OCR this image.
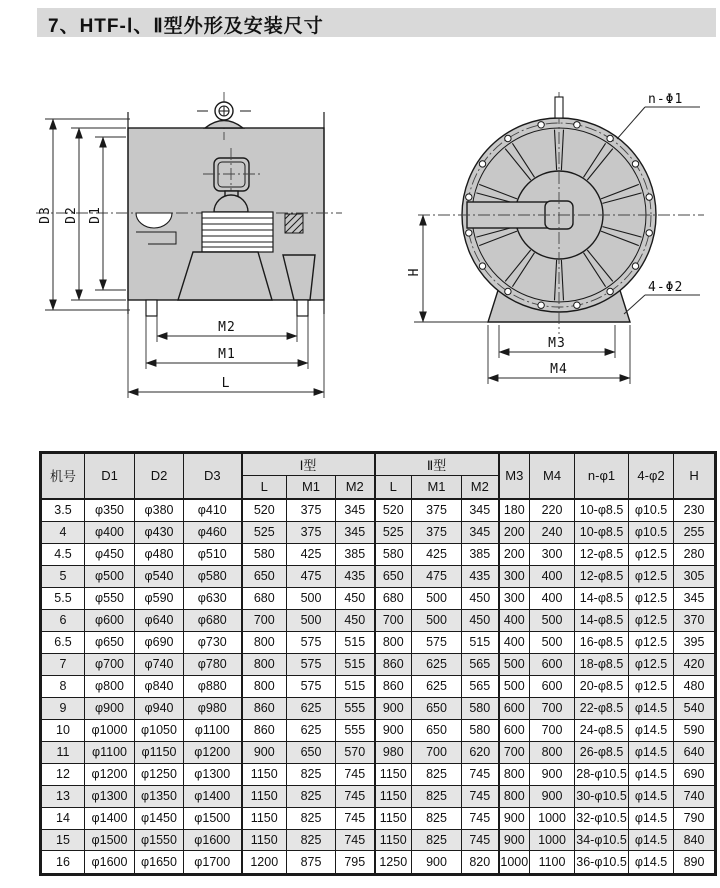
7、HTF-Ⅰ、Ⅱ型外形及安装尺寸
D3 D2 D1
M2
M1
L
n-Φ1
4-Φ2
H
M3
M4
机号	D1	D2	D3	Ⅰ型			Ⅱ型			M3	M4	n-φ1	4-φ2	H
				L	M1	M2	L	M1	M2					
3.5	φ350	φ380	φ410	520	375	345	520	375	345	180	220	10-φ8.5	φ10.5	230
4	φ400	φ430	φ460	525	375	345	525	375	345	200	240	10-φ8.5	φ10.5	255
4.5	φ450	φ480	φ510	580	425	385	580	425	385	200	300	12-φ8.5	φ12.5	280
5	φ500	φ540	φ580	650	475	435	650	475	435	300	400	12-φ8.5	φ12.5	305
5.5	φ550	φ590	φ630	680	500	450	680	500	450	300	400	14-φ8.5	φ12.5	345
6	φ600	φ640	φ680	700	500	450	700	500	450	400	500	14-φ8.5	φ12.5	370
6.5	φ650	φ690	φ730	800	575	515	800	575	515	400	500	16-φ8.5	φ12.5	395
7	φ700	φ740	φ780	800	575	515	860	625	565	500	600	18-φ8.5	φ12.5	420
8	φ800	φ840	φ880	800	575	515	860	625	565	500	600	20-φ8.5	φ12.5	480
9	φ900	φ940	φ980	860	625	555	900	650	580	600	700	22-φ8.5	φ14.5	540
10	φ1000	φ1050	φ1100	860	625	555	900	650	580	600	700	24-φ8.5	φ14.5	590
11	φ1100	φ1150	φ1200	900	650	570	980	700	620	700	800	26-φ8.5	φ14.5	640
12	φ1200	φ1250	φ1300	1150	825	745	1150	825	745	800	900	28-φ10.5	φ14.5	690
13	φ1300	φ1350	φ1400	1150	825	745	1150	825	745	800	900	30-φ10.5	φ14.5	740
14	φ1400	φ1450	φ1500	1150	825	745	1150	825	745	900	1000	32-φ10.5	φ14.5	790
15	φ1500	φ1550	φ1600	1150	825	745	1150	825	745	900	1000	34-φ10.5	φ14.5	840
16	φ1600	φ1650	φ1700	1200	875	795	1250	900	820	1000	1100	36-φ10.5	φ14.5	890
